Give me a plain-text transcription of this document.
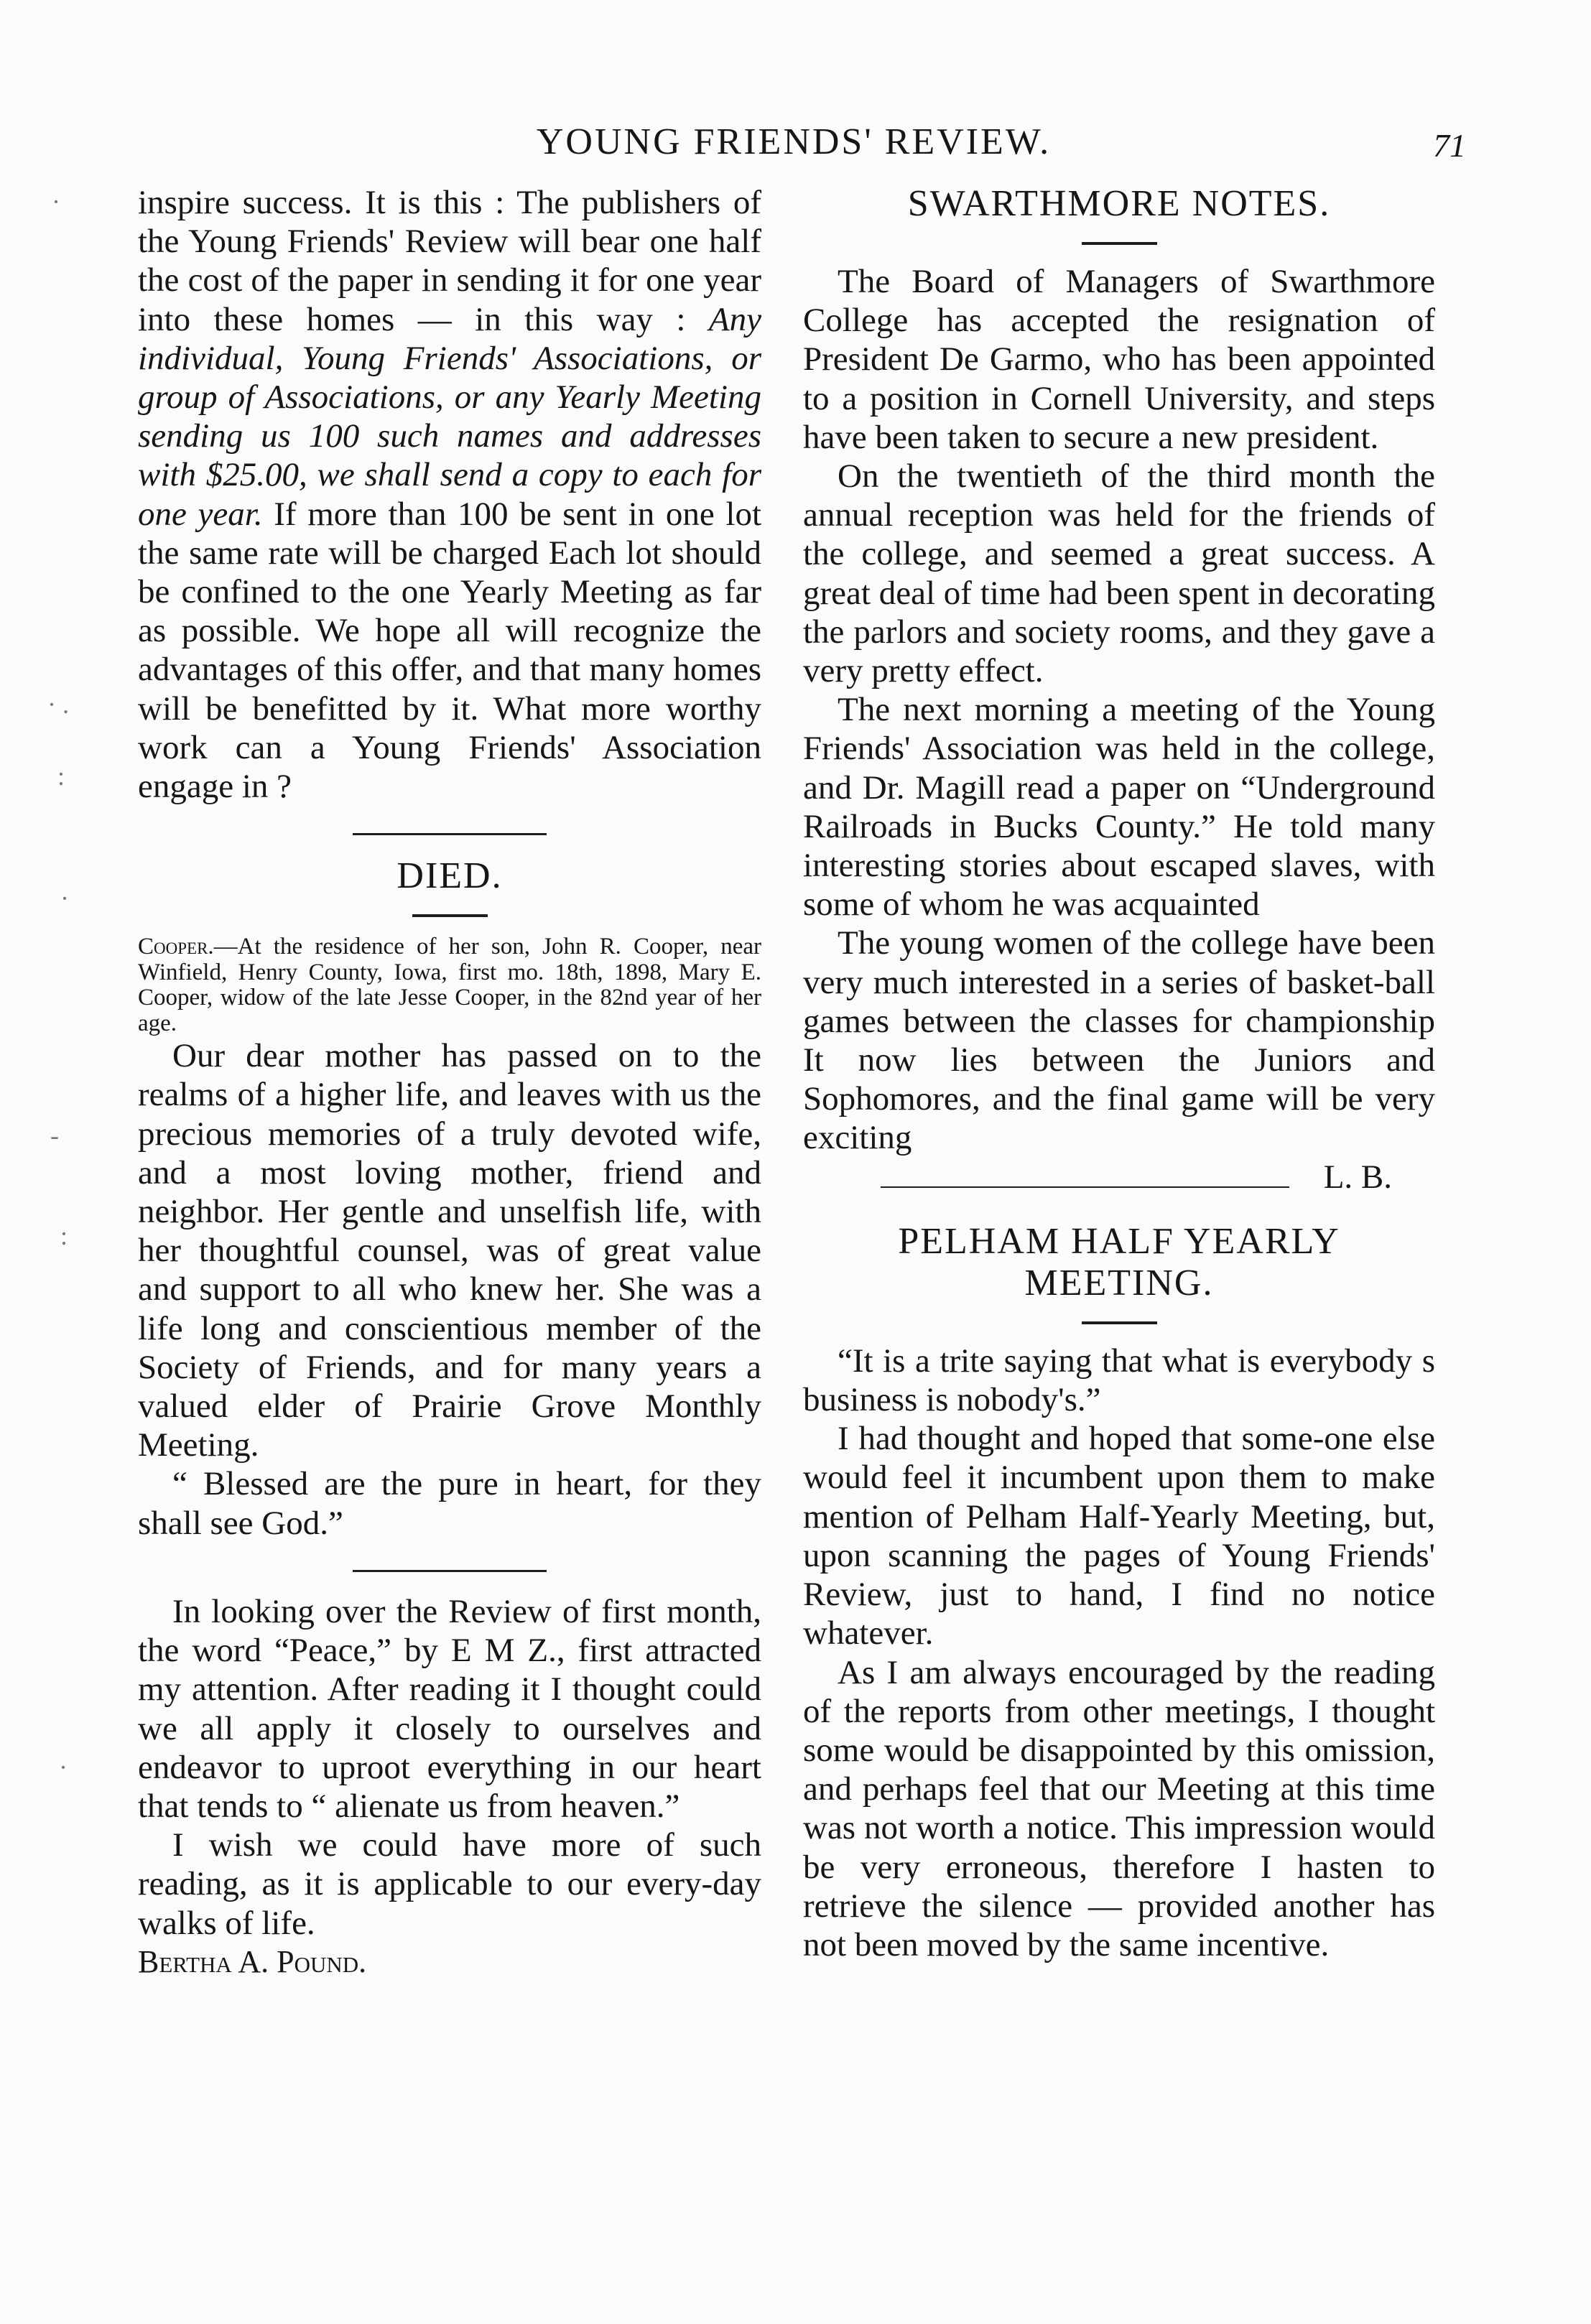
YOUNG FRIENDS' REVIEW.	71
·
· .
:
·
-
:
·

inspire success. It is this : The publishers of the Young Friends' Review will bear one half the cost of the paper in sending it for one year into these homes — in this way : Any individual, Young Friends' Associations, or group of Associations, or any Yearly Meeting sending us 100 such names and addresses with $25.00, we shall send a copy to each for one year. If more than 100 be sent in one lot the same rate will be charged Each lot should be confined to the one Yearly Meeting as far as possible. We hope all will recognize the advantages of this offer, and that many homes will be benefitted by it. What more worthy work can a Young Friends' Association engage in ?

DIED.

Cooper.—At the residence of her son, John R. Cooper, near Winfield, Henry County, Iowa, first mo. 18th, 1898, Mary E. Cooper, widow of the late Jesse Cooper, in the 82nd year of her age.

Our dear mother has passed on to the realms of a higher life, and leaves with us the precious memories of a truly devoted wife, and a most loving mother, friend and neighbor. Her gentle and unselfish life, with her thoughtful counsel, was of great value and support to all who knew her. She was a life long and conscientious member of the Society of Friends, and for many years a valued elder of Prairie Grove Monthly Meeting.

“ Blessed are the pure in heart, for they shall see God.”

In looking over the Review of first month, the word “Peace,” by E M Z., first attracted my attention. After reading it I thought could we all apply it closely to ourselves and endeavor to uproot everything in our heart that tends to “ alienate us from heaven.”

I wish we could have more of such reading, as it is applicable to our every-day walks of life.

Bertha A. Pound.

SWARTHMORE NOTES.

The Board of Managers of Swarthmore College has accepted the resignation of President De Garmo, who has been appointed to a position in Cornell University, and steps have been taken to secure a new president.

On the twentieth of the third month the annual reception was held for the friends of the college, and seemed a great success. A great deal of time had been spent in decorating the parlors and society rooms, and they gave a very pretty effect.

The next morning a meeting of the Young Friends' Association was held in the college, and Dr. Magill read a paper on “Underground Railroads in Bucks County.” He told many interesting stories about escaped slaves, with some of whom he was acquainted

The young women of the college have been very much interested in a series of basket-ball games between the classes for championship It now lies between the Juniors and Sophomores, and the final game will be very exciting

L. B.
PELHAM HALF YEARLY
MEETING.

“It is a trite saying that what is everybody s business is nobody's.”

I had thought and hoped that some-one else would feel it incumbent upon them to make mention of Pelham Half-Yearly Meeting, but, upon scanning the pages of Young Friends' Review, just to hand, I find no notice whatever.

As I am always encouraged by the reading of the reports from other meetings, I thought some would be disappointed by this omission, and perhaps feel that our Meeting at this time was not worth a notice. This impression would be very erroneous, therefore I hasten to retrieve the silence — provided another has not been moved by the same incentive.
